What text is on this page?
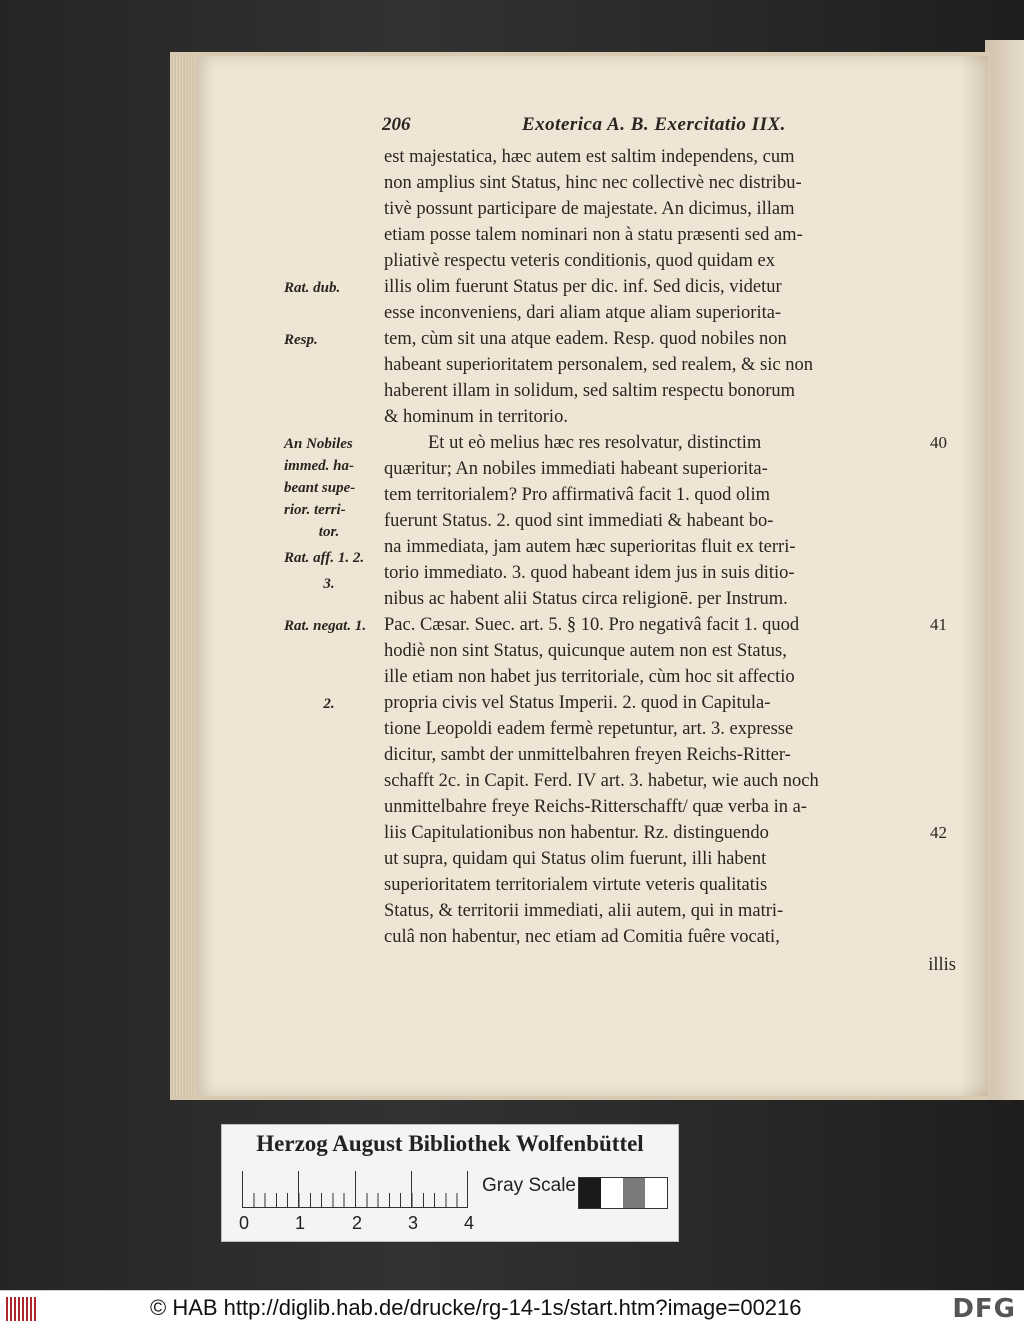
206	Exoterica A. B. Exercitatio IIX.
est majestatica, hæc autem est saltim independens, cum
non amplius sint Status, hinc nec collectivè nec distribu-
tivè possunt participare de majestate. An dicimus, illam
etiam posse talem nominari non à statu præsenti sed am-
pliativè respectu veteris conditionis, quod quidam ex
illis olim fuerunt Status per dic. inf. Sed dicis, videtur
esse inconveniens, dari aliam atque aliam superiorita-
tem, cùm sit una atque eadem. Resp. quod nobiles non
habeant superioritatem personalem, sed realem, & sic non
haberent illam in solidum, sed saltim respectu bonorum
& hominum in territorio.
Et ut eò melius hæc res resolvatur, distinctim
quæritur; An nobiles immediati habeant superiorita-
tem territorialem? Pro affirmativâ facit 1. quod olim
fuerunt Status. 2. quod sint immediati & habeant bo-
na immediata, jam autem hæc superioritas fluit ex terri-
torio immediato. 3. quod habeant idem jus in suis ditio-
nibus ac habent alii Status circa religionē. per Instrum.
Pac. Cæsar. Suec. art. 5. § 10. Pro negativâ facit 1. quod
hodiè non sint Status, quicunque autem non est Status,
ille etiam non habet jus territoriale, cùm hoc sit affectio
propria civis vel Status Imperii. 2. quod in Capitula-
tione Leopoldi eadem fermè repetuntur, art. 3. expresse
dicitur, sambt der unmittelbahren freyen Reichs-Ritter-
schafft 2c. in Capit. Ferd. IV art. 3. habetur, wie auch noch
unmittelbahre freye Reichs-Ritterschafft/ quæ verba in a-
liis Capitulationibus non habentur. Rz. distinguendo
ut supra, quidam qui Status olim fuerunt, illi habent
superioritatem territorialem virtute veteris qualitatis
Status, & territorii immediati, alii autem, qui in matri-
culâ non habentur, nec etiam ad Comitia fuêre vocati,
illis
Rat. dub.
Resp.
An Nobiles
immed. ha-
beant supe-
rior. terri-
tor.
Rat. aff. 1. 2.
3.
Rat. negat. 1.
2.
40
41
42
Herzog August Bibliothek Wolfenbüttel
0	1	2	3	4
Gray Scale
© HAB http://diglib.hab.de/drucke/rg-14-1s/start.htm?image=00216	DFG
